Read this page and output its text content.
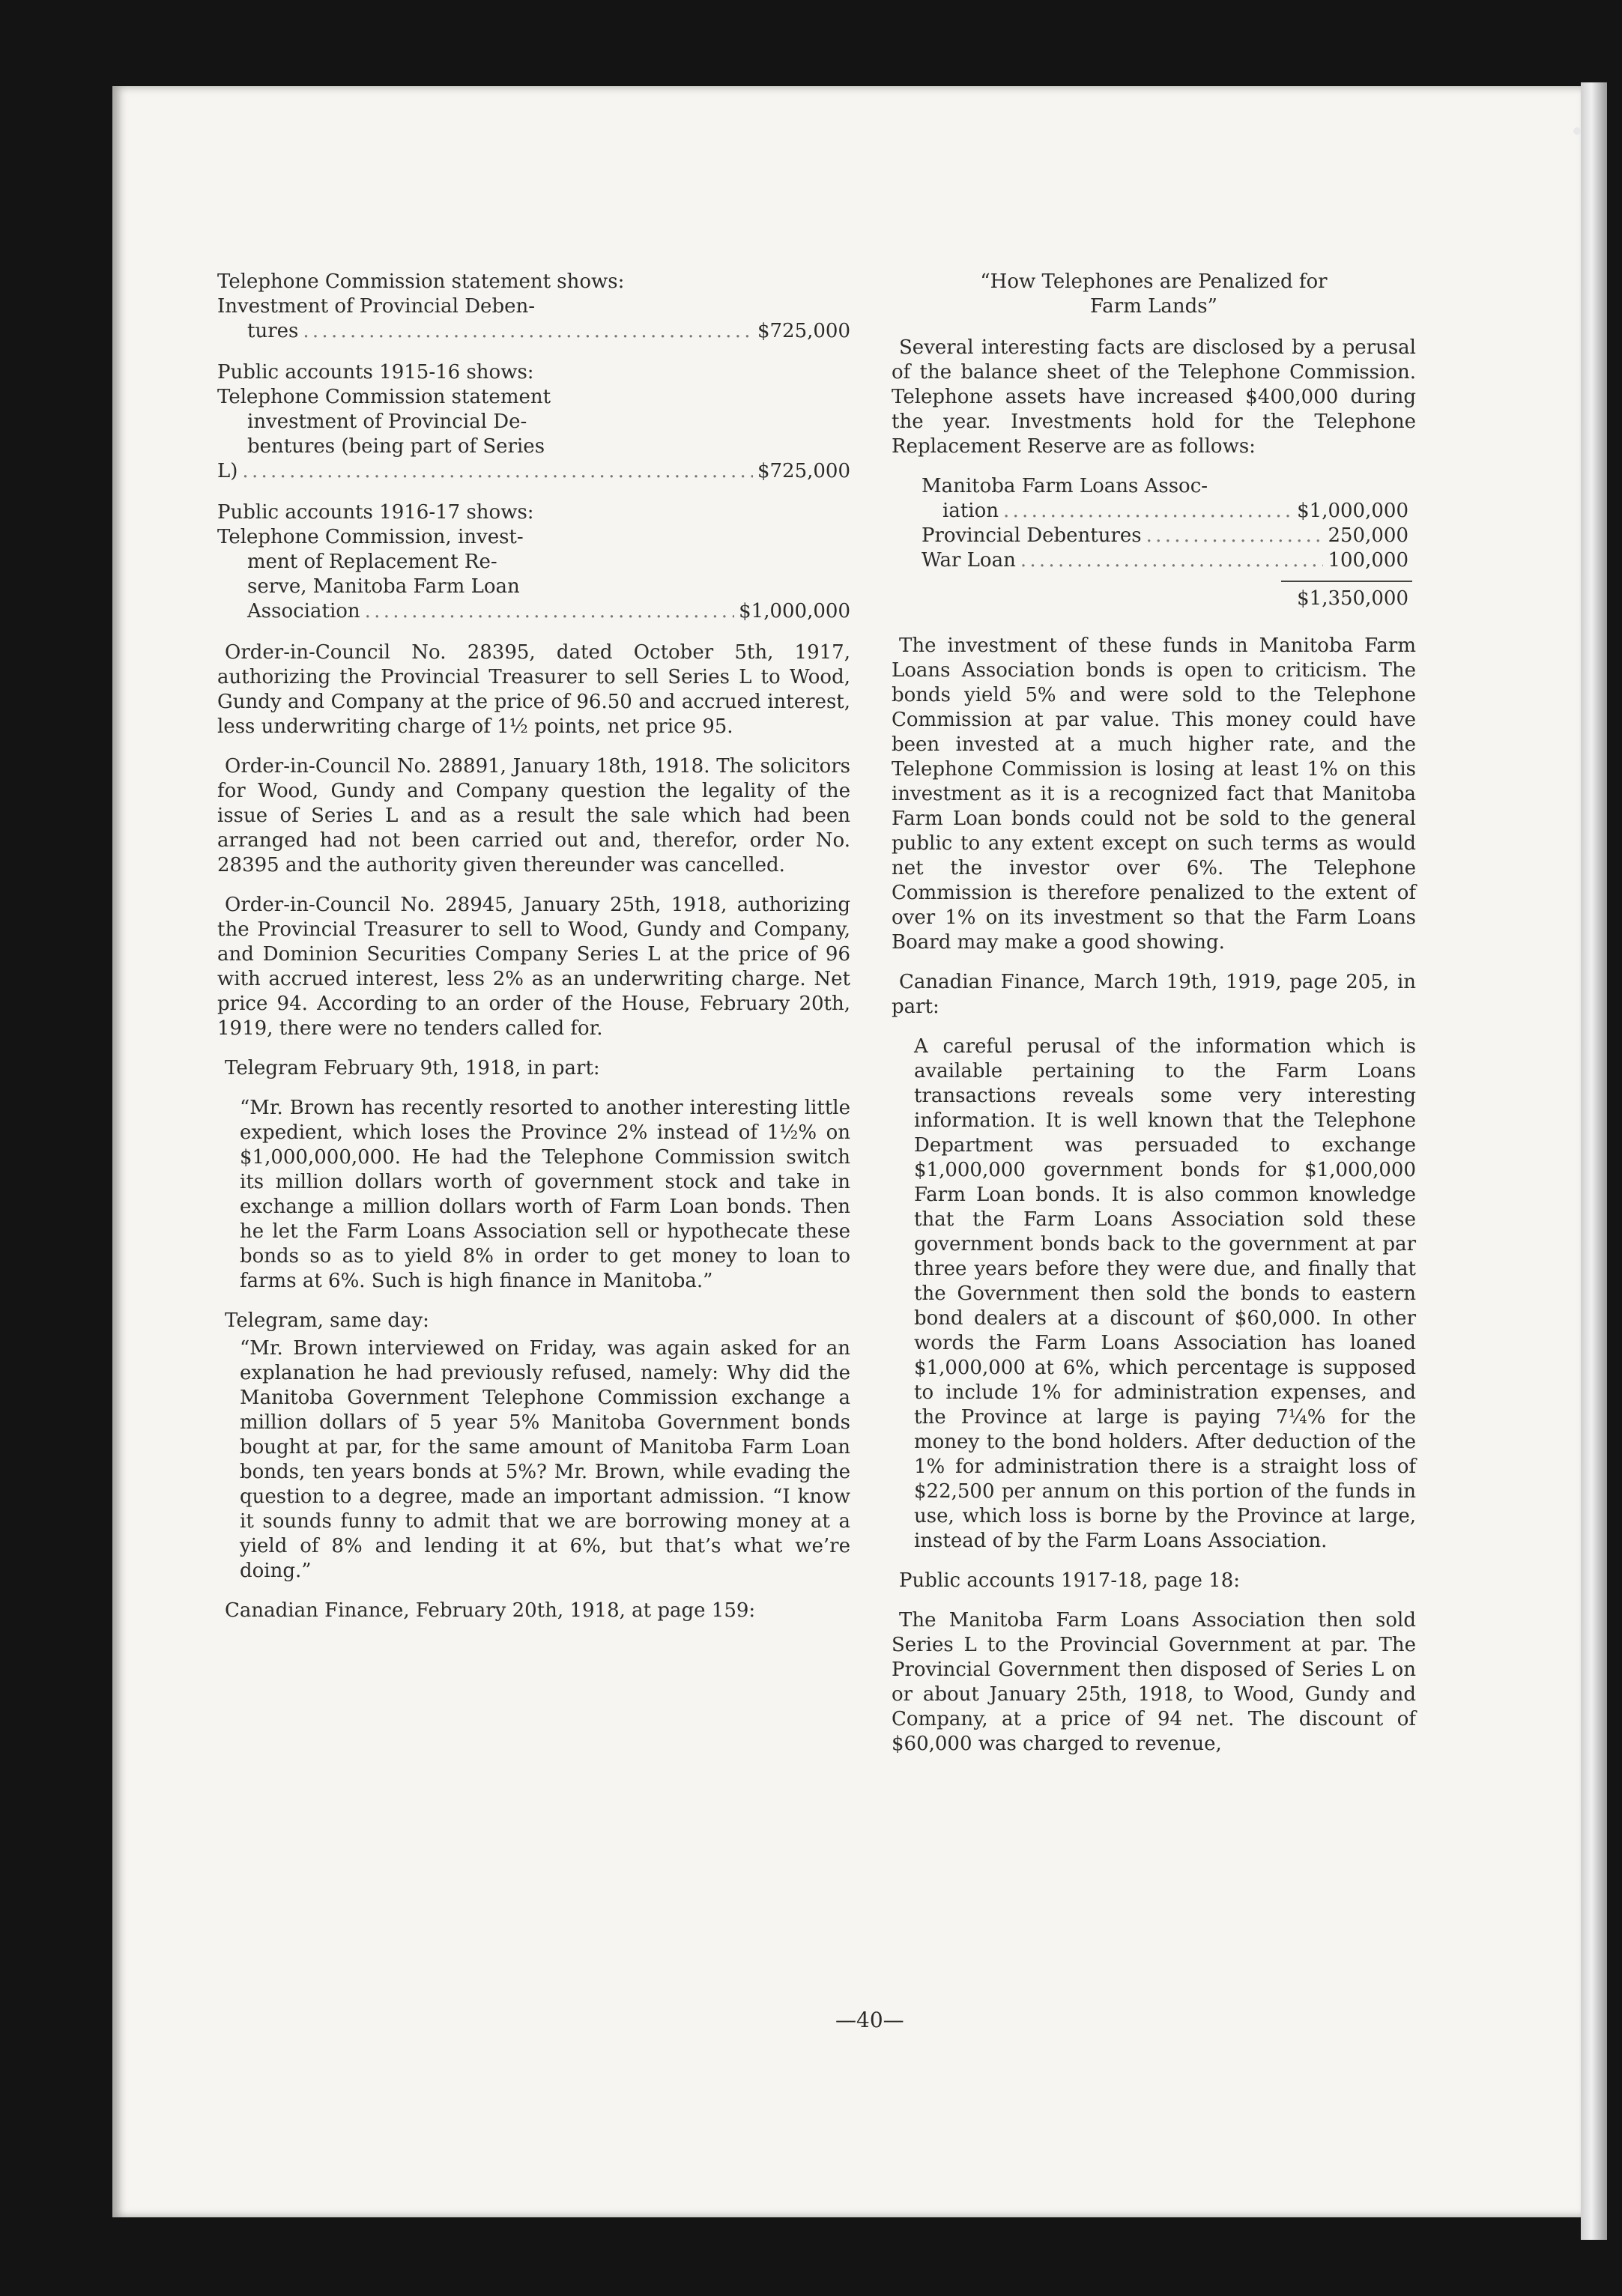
Telephone Commission statement shows:
Investment of Provincial Deben-
tures . . .	$725,000
Public accounts 1915-16 shows:
Telephone Commission statement
investment of Provincial De-
bentures (being part of Series
L) . . .	$725,000
Public accounts 1916-17 shows:
Telephone Commission, invest-
ment of Replacement Re-
serve, Manitoba Farm Loan
Association . . .	$1,000,000

Order-in-Council No. 28395, dated October 5th, 1917, authorizing the Provincial Treasurer to sell Series L to Wood, Gundy and Company at the price of 96.50 and accrued interest, less underwriting charge of 1½ points, net price 95.

Order-in-Council No. 28891, January 18th, 1918. The solicitors for Wood, Gundy and Company question the legality of the issue of Series L and as a result the sale which had been arranged had not been carried out and, therefor, order No. 28395 and the authority given thereunder was cancelled.

Order-in-Council No. 28945, January 25th, 1918, authorizing the Provincial Treasurer to sell to Wood, Gundy and Company, and Dominion Securities Company Series L at the price of 96 with accrued interest, less 2% as an underwriting charge. Net price 94. According to an order of the House, February 20th, 1919, there were no tenders called for.

Telegram February 9th, 1918, in part:

“Mr. Brown has recently resorted to another interesting little expedient, which loses the Province 2% instead of 1½% on $1,000,000,000. He had the Telephone Commission switch its million dollars worth of government stock and take in exchange a million dollars worth of Farm Loan bonds. Then he let the Farm Loans Association sell or hypothecate these bonds so as to yield 8% in order to get money to loan to farms at 6%. Such is high finance in Manitoba.”

Telegram, same day:

“Mr. Brown interviewed on Friday, was again asked for an explanation he had previously refused, namely: Why did the Manitoba Government Telephone Commission exchange a million dollars of 5 year 5% Manitoba Government bonds bought at par, for the same amount of Manitoba Farm Loan bonds, ten years bonds at 5%? Mr. Brown, while evading the question to a degree, made an important admission. “I know it sounds funny to admit that we are borrowing money at a yield of 8% and lending it at 6%, but that’s what we’re doing.”

Canadian Finance, February 20th, 1918, at page 159:

“How Telephones are Penalized for
Farm Lands”

Several interesting facts are disclosed by a perusal of the balance sheet of the Telephone Commission. Telephone assets have increased $400,000 during the year. Investments hold for the Telephone Replacement Reserve are as follows:

Manitoba Farm Loans Assoc-
iation . . .	$1,000,000
Provincial Debentures . . .	250,000
War Loan . . .	100,000
$1,350,000

The investment of these funds in Manitoba Farm Loans Association bonds is open to criticism. The bonds yield 5% and were sold to the Telephone Commission at par value. This money could have been invested at a much higher rate, and the Telephone Commission is losing at least 1% on this investment as it is a recognized fact that Manitoba Farm Loan bonds could not be sold to the general public to any extent except on such terms as would net the investor over 6%. The Telephone Commission is therefore penalized to the extent of over 1% on its investment so that the Farm Loans Board may make a good showing.

Canadian Finance, March 19th, 1919, page 205, in part:

A careful perusal of the information which is available pertaining to the Farm Loans transactions reveals some very interesting information. It is well known that the Telephone Department was persuaded to exchange $1,000,000 government bonds for $1,000,000 Farm Loan bonds. It is also common knowledge that the Farm Loans Association sold these government bonds back to the government at par three years before they were due, and finally that the Government then sold the bonds to eastern bond dealers at a discount of $60,000. In other words the Farm Loans Association has loaned $1,000,000 at 6%, which percentage is supposed to include 1% for administration expenses, and the Province at large is paying 7¼% for the money to the bond holders. After deduction of the 1% for administration there is a straight loss of $22,500 per annum on this portion of the funds in use, which loss is borne by the Province at large, instead of by the Farm Loans Association.

Public accounts 1917-18, page 18:

The Manitoba Farm Loans Association then sold Series L to the Provincial Government at par. The Provincial Government then disposed of Series L on or about January 25th, 1918, to Wood, Gundy and Company, at a price of 94 net. The discount of $60,000 was charged to revenue,

—40—
